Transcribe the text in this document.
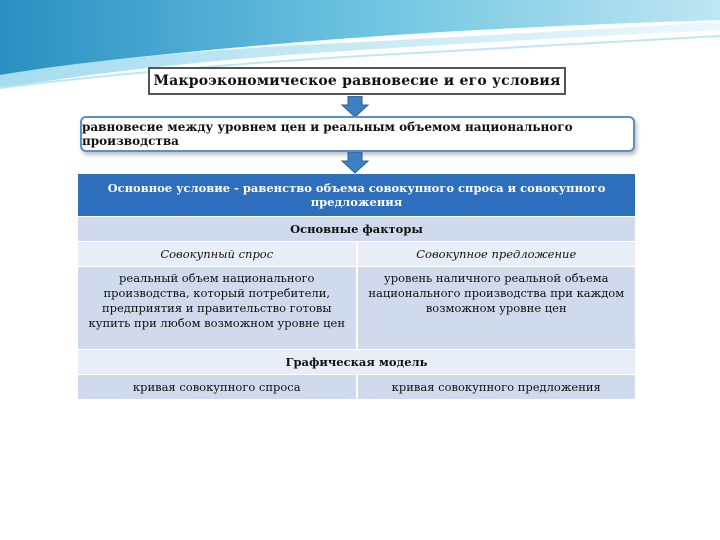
Макроэкономическое равновесие и его условия
равновесие между уровнем цен и реальным объемом национального производства
Основное условие - равенство объема совокупного спроса и совокупного предложения	
Основные факторы	
Совокупный спрос	Совокупное предложение
реальный объем национального производства, который потребители, предприятия и правительство готовы купить при любом возможном уровне цен	уровень наличного реальной объема национального производства при каждом возможном уровне цен
Графическая модель	
кривая совокупного спроса	кривая совокупного предложения
